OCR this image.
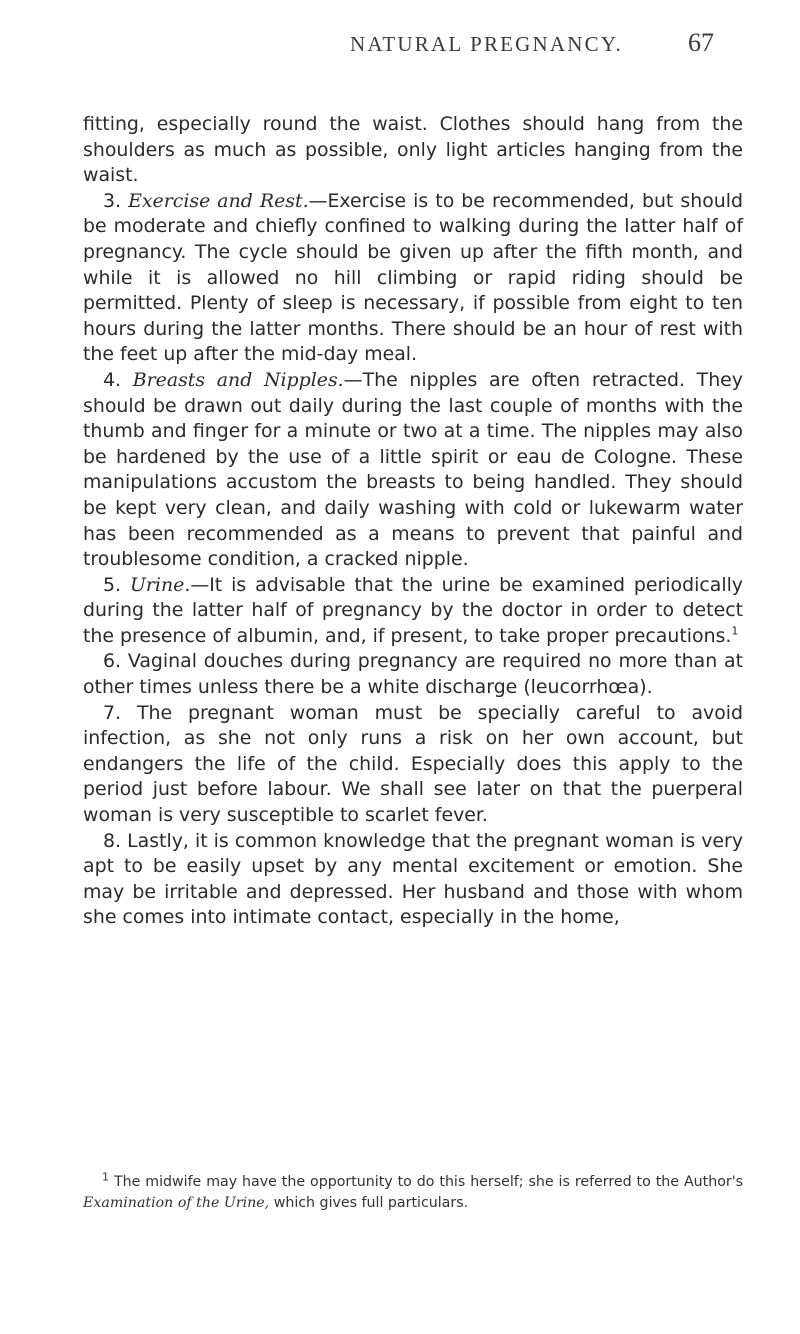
NATURAL PREGNANCY.	67

fitting, especially round the waist. Clothes should hang from the shoulders as much as possible, only light articles hanging from the waist.

3. Exercise and Rest.—Exercise is to be recommended, but should be moderate and chiefly confined to walking during the latter half of pregnancy. The cycle should be given up after the fifth month, and while it is allowed no hill climbing or rapid riding should be permitted. Plenty of sleep is necessary, if possible from eight to ten hours during the latter months. There should be an hour of rest with the feet up after the mid-day meal.

4. Breasts and Nipples.—The nipples are often retracted. They should be drawn out daily during the last couple of months with the thumb and finger for a minute or two at a time. The nipples may also be hardened by the use of a little spirit or eau de Cologne. These manipulations accustom the breasts to being handled. They should be kept very clean, and daily washing with cold or lukewarm water has been recommended as a means to prevent that painful and troublesome condition, a cracked nipple.

5. Urine.—It is advisable that the urine be examined periodically during the latter half of pregnancy by the doctor in order to detect the presence of albumin, and, if present, to take proper precautions.$^1$

6. Vaginal douches during pregnancy are required no more than at other times unless there be a white discharge (leucorrhœa).

7. The pregnant woman must be specially careful to avoid infection, as she not only runs a risk on her own account, but endangers the life of the child. Especially does this apply to the period just before labour. We shall see later on that the puerperal woman is very susceptible to scarlet fever.

8. Lastly, it is common knowledge that the pregnant woman is very apt to be easily upset by any mental excitement or emotion. She may be irritable and depressed. Her husband and those with whom she comes into intimate contact, especially in the home,

$^1$ The midwife may have the opportunity to do this herself; she is referred to the Author's Examination of the Urine, which gives full particulars.
